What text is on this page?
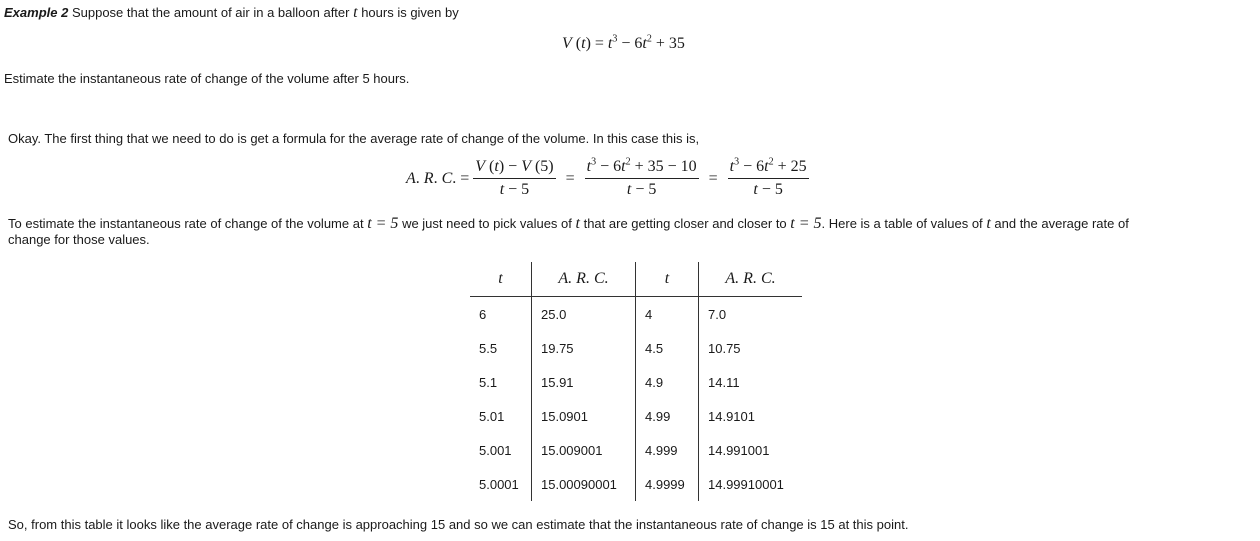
Example 2 Suppose that the amount of air in a balloon after t hours is given by
V $(t) = t^3 - 6t^2 + 35$
Estimate the instantaneous rate of change of the volume after 5 hours.
Okay. The first thing that we need to do is get a formula for the average rate of change of the volume. In this case this is,
A. R. C. = $\frac{V (t) - V (5)}{t - 5} = \frac{t^3 - 6t^2 + 35 - 10}{t - 5} = \frac{t^3 - 6t^2 + 25}{t - 5}$
To estimate the instantaneous rate of change of the volume at t = 5 we just need to pick values of t that are getting closer and closer to t = 5. Here is a table of values of t and the average rate of
change for those values.
t	A. R. C.	t	A. R. C.
6	25.0	4	7.0
5.5	19.75	4.5	10.75
5.1	15.91	4.9	14.11
5.01	15.0901	4.99	14.9101
5.001	15.009001	4.999	14.991001
5.0001	15.00090001	4.9999	14.99910001
So, from this table it looks like the average rate of change is approaching 15 and so we can estimate that the instantaneous rate of change is 15 at this point.
